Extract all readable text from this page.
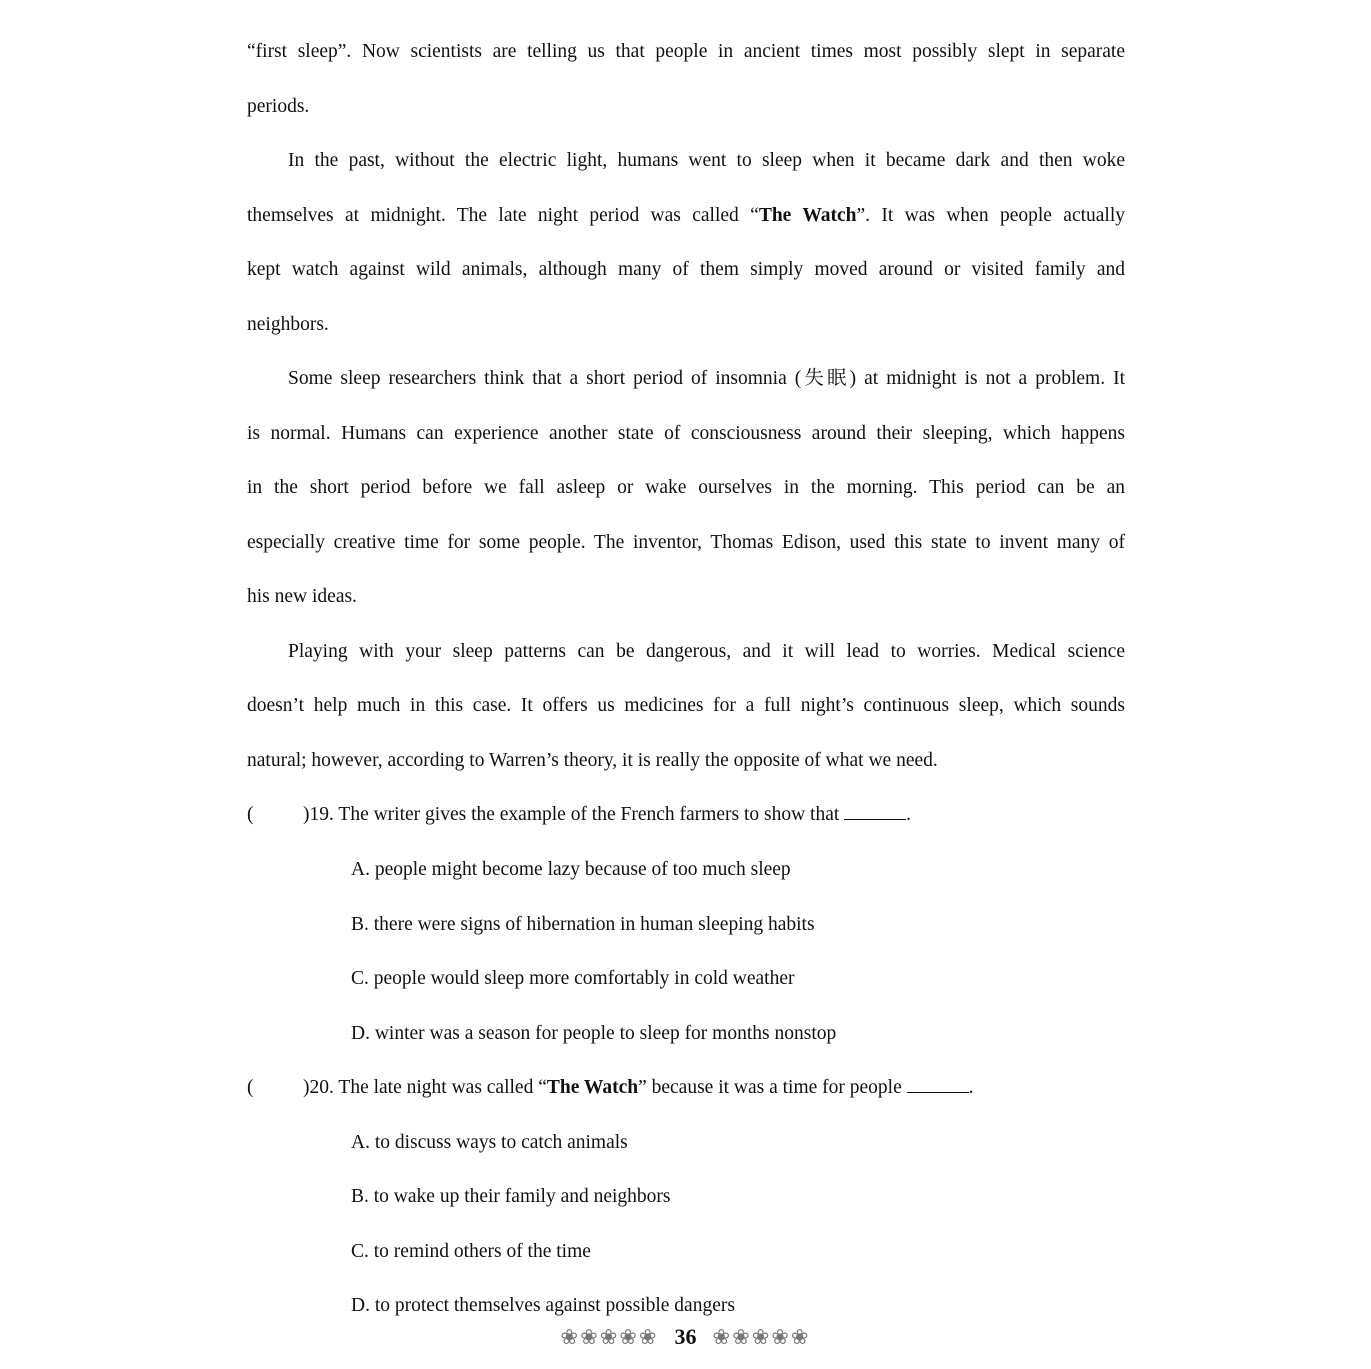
“first sleep”. Now scientists are telling us that people in ancient times most possibly slept in separate
periods.
In the past, without the electric light, humans went to sleep when it became dark and then woke
themselves at midnight. The late night period was called “The Watch”. It was when people actually
kept watch against wild animals, although many of them simply moved around or visited family and
neighbors.
Some sleep researchers think that a short period of insomnia (失眠) at midnight is not a problem. It
is normal. Humans can experience another state of consciousness around their sleeping, which happens
in the short period before we fall asleep or wake ourselves in the morning. This period can be an
especially creative time for some people. The inventor, Thomas Edison, used this state to invent many of
his new ideas.
Playing with your sleep patterns can be dangerous, and it will lead to worries. Medical science
doesn’t help much in this case. It offers us medicines for a full night’s continuous sleep, which sounds
natural; however, according to Warren’s theory, it is really the opposite of what we need.
(	)19. The writer gives the example of the French farmers to show that	.
A. people might become lazy because of too much sleep
B. there were signs of hibernation in human sleeping habits
C. people would sleep more comfortably in cold weather
D. winter was a season for people to sleep for months nonstop
(	)20. The late night was called “The Watch” because it was a time for people	.
A. to discuss ways to catch animals
B. to wake up their family and neighbors
C. to remind others of the time
D. to protect themselves against possible dangers
❀❀❀❀❀ 36 ❀❀❀❀❀
